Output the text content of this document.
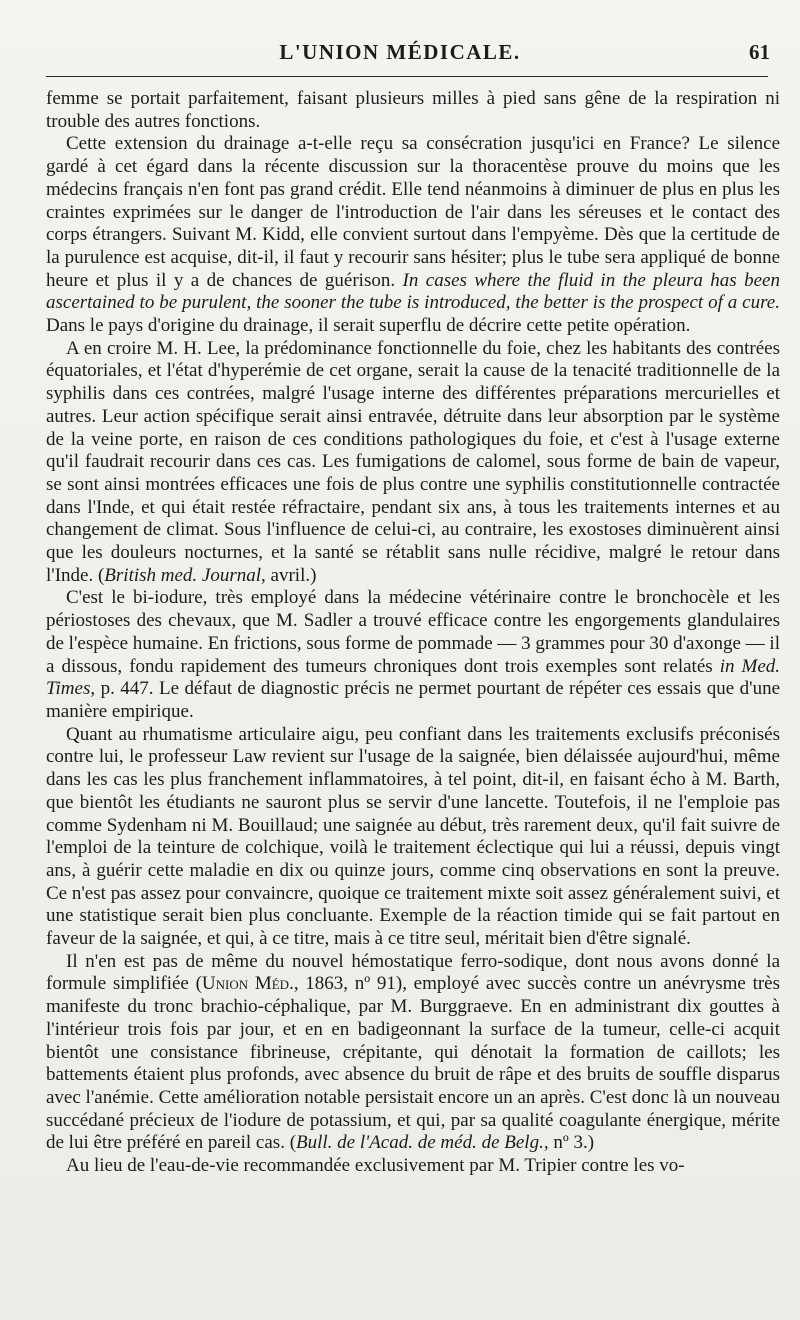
L'UNION MÉDICALE.	61

femme se portait parfaitement, faisant plusieurs milles à pied sans gêne de la respiration ni trouble des autres fonctions.

Cette extension du drainage a-t-elle reçu sa consécration jusqu'ici en France? Le silence gardé à cet égard dans la récente discussion sur la thoracentèse prouve du moins que les médecins français n'en font pas grand crédit. Elle tend néanmoins à diminuer de plus en plus les craintes exprimées sur le danger de l'introduction de l'air dans les séreuses et le contact des corps étrangers. Suivant M. Kidd, elle convient surtout dans l'empyème. Dès que la certitude de la purulence est acquise, dit-il, il faut y recourir sans hésiter; plus le tube sera appliqué de bonne heure et plus il y a de chances de guérison. In cases where the fluid in the pleura has been ascertained to be purulent, the sooner the tube is introduced, the better is the prospect of a cure. Dans le pays d'origine du drainage, il serait superflu de décrire cette petite opération.

A en croire M. H. Lee, la prédominance fonctionnelle du foie, chez les habitants des contrées équatoriales, et l'état d'hyperémie de cet organe, serait la cause de la tenacité traditionnelle de la syphilis dans ces contrées, malgré l'usage interne des différentes préparations mercurielles et autres. Leur action spécifique serait ainsi entravée, détruite dans leur absorption par le système de la veine porte, en raison de ces conditions pathologiques du foie, et c'est à l'usage externe qu'il faudrait recourir dans ces cas. Les fumigations de calomel, sous forme de bain de vapeur, se sont ainsi montrées efficaces une fois de plus contre une syphilis constitutionnelle contractée dans l'Inde, et qui était restée réfractaire, pendant six ans, à tous les traitements internes et au changement de climat. Sous l'influence de celui-ci, au contraire, les exostoses diminuèrent ainsi que les douleurs nocturnes, et la santé se rétablit sans nulle récidive, malgré le retour dans l'Inde. (British med. Journal, avril.)

C'est le bi-iodure, très employé dans la médecine vétérinaire contre le bronchocèle et les périostoses des chevaux, que M. Sadler a trouvé efficace contre les engorgements glandulaires de l'espèce humaine. En frictions, sous forme de pommade — 3 grammes pour 30 d'axonge — il a dissous, fondu rapidement des tumeurs chroniques dont trois exemples sont relatés in Med. Times, p. 447. Le défaut de diagnostic précis ne permet pourtant de répéter ces essais que d'une manière empirique.

Quant au rhumatisme articulaire aigu, peu confiant dans les traitements exclusifs préconisés contre lui, le professeur Law revient sur l'usage de la saignée, bien délaissée aujourd'hui, même dans les cas les plus franchement inflammatoires, à tel point, dit-il, en faisant écho à M. Barth, que bientôt les étudiants ne sauront plus se servir d'une lancette. Toutefois, il ne l'emploie pas comme Sydenham ni M. Bouillaud; une saignée au début, très rarement deux, qu'il fait suivre de l'emploi de la teinture de colchique, voilà le traitement éclectique qui lui a réussi, depuis vingt ans, à guérir cette maladie en dix ou quinze jours, comme cinq observations en sont la preuve. Ce n'est pas assez pour convaincre, quoique ce traitement mixte soit assez généralement suivi, et une statistique serait bien plus concluante. Exemple de la réaction timide qui se fait partout en faveur de la saignée, et qui, à ce titre, mais à ce titre seul, méritait bien d'être signalé.

Il n'en est pas de même du nouvel hémostatique ferro-sodique, dont nous avons donné la formule simplifiée (Union Méd., 1863, nº 91), employé avec succès contre un anévrysme très manifeste du tronc brachio-céphalique, par M. Burggraeve. En en administrant dix gouttes à l'intérieur trois fois par jour, et en en badigeonnant la surface de la tumeur, celle-ci acquit bientôt une consistance fibrineuse, crépitante, qui dénotait la formation de caillots; les battements étaient plus profonds, avec absence du bruit de râpe et des bruits de souffle disparus avec l'anémie. Cette amélioration notable persistait encore un an après. C'est donc là un nouveau succédané précieux de l'iodure de potassium, et qui, par sa qualité coagulante énergique, mérite de lui être préféré en pareil cas. (Bull. de l'Acad. de méd. de Belg., nº 3.)

Au lieu de l'eau-de-vie recommandée exclusivement par M. Tripier contre les vo-
